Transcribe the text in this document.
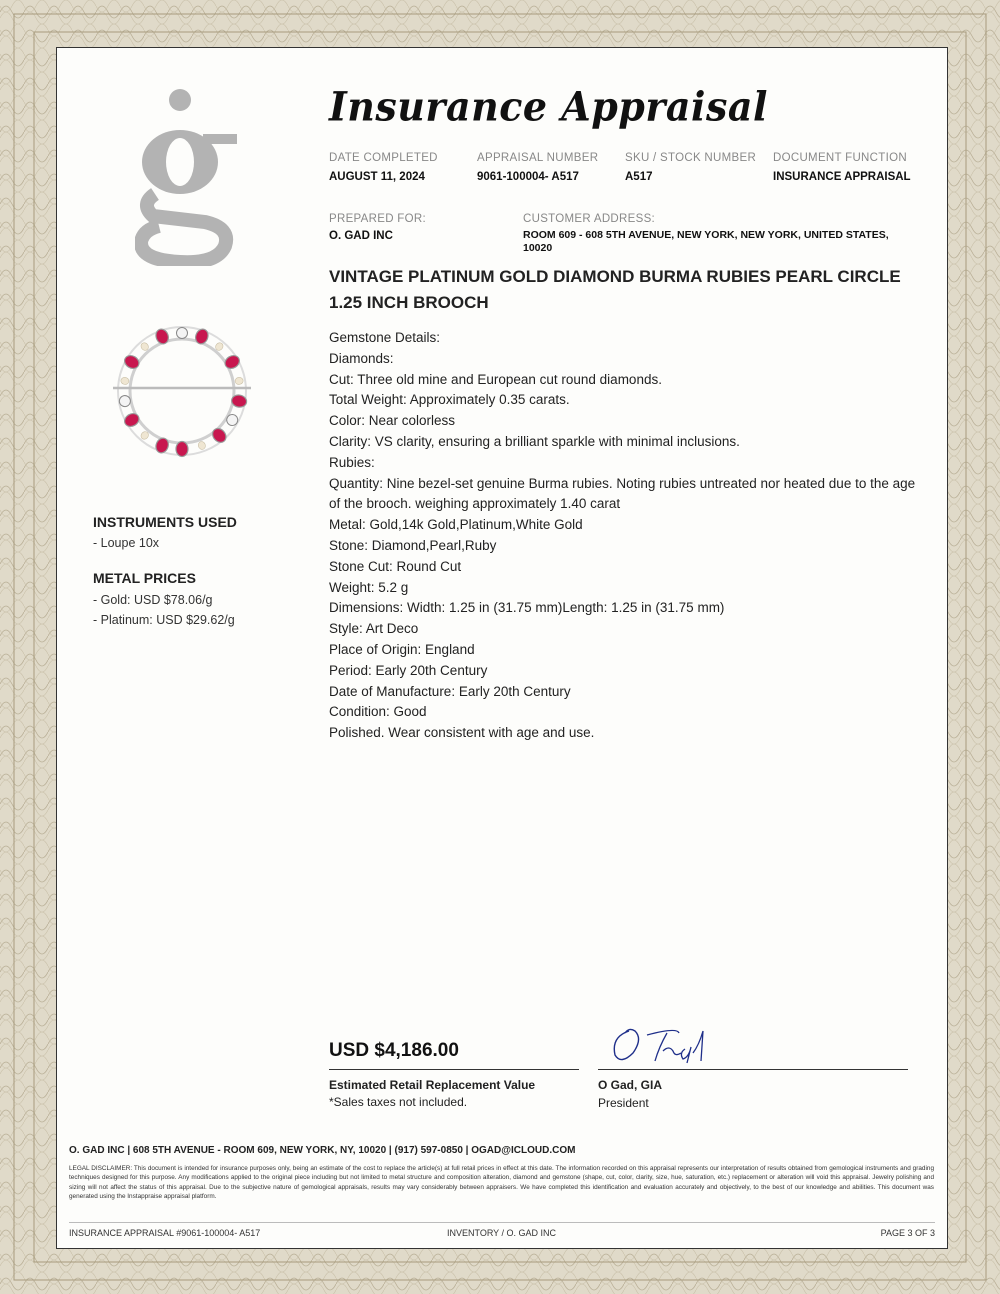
Insurance Appraisal
DATE COMPLETED
AUGUST 11, 2024
APPRAISAL NUMBER
9061-100004- A517
SKU / STOCK NUMBER
A517
DOCUMENT FUNCTION
INSURANCE APPRAISAL
PREPARED FOR:
O. GAD INC
CUSTOMER ADDRESS:
ROOM 609 - 608 5TH AVENUE, NEW YORK, NEW YORK, UNITED STATES, 10020
VINTAGE PLATINUM GOLD DIAMOND BURMA RUBIES PEARL CIRCLE 1.25 INCH BROOCH
INSTRUMENTS USED
- Loupe 10x
METAL PRICES
- Gold: USD $78.06/g
- Platinum: USD $29.62/g
Gemstone Details:
Diamonds:
Cut: Three old mine and European cut round diamonds.
Total Weight: Approximately 0.35 carats.
Color: Near colorless
Clarity: VS clarity, ensuring a brilliant sparkle with minimal inclusions.
Rubies:
Quantity: Nine bezel-set genuine Burma rubies. Noting rubies untreated nor heated due to the age of the brooch. weighing approximately 1.40 carat
Metal: Gold,14k Gold,Platinum,White Gold
Stone: Diamond,Pearl,Ruby
Stone Cut: Round Cut
Weight: 5.2 g
Dimensions: Width: 1.25 in (31.75 mm)Length: 1.25 in (31.75 mm)
Style: Art Deco
Place of Origin: England
Period: Early 20th Century
Date of Manufacture: Early 20th Century
Condition: Good
Polished. Wear consistent with age and use.
USD $4,186.00
Estimated Retail Replacement Value
*Sales taxes not included.
O Gad, GIA
President
O. GAD INC | 608 5TH AVENUE - ROOM 609, NEW YORK, NY, 10020 | (917) 597-0850 | OGAD@ICLOUD.COM
LEGAL DISCLAIMER: This document is intended for insurance purposes only, being an estimate of the cost to replace the article(s) at full retail prices in effect at this date. The information recorded on this appraisal represents our interpretation of results obtained from gemological instruments and grading techniques designed for this purpose. Any modifications applied to the original piece including but not limited to metal structure and composition alteration, diamond and gemstone (shape, cut, color, clarity, size, hue, saturation, etc.) replacement or alteration will void this appraisal. Jewelry polishing and sizing will not affect the status of this appraisal. Due to the subjective nature of gemological appraisals, results may vary considerably between appraisers. We have completed this identification and evaluation accurately and objectively, to the best of our knowledge and abilities. This document was generated using the Instappraise appraisal platform.
INSURANCE APPRAISAL #9061-100004- A517	INVENTORY / O. GAD INC	PAGE 3 OF 3
